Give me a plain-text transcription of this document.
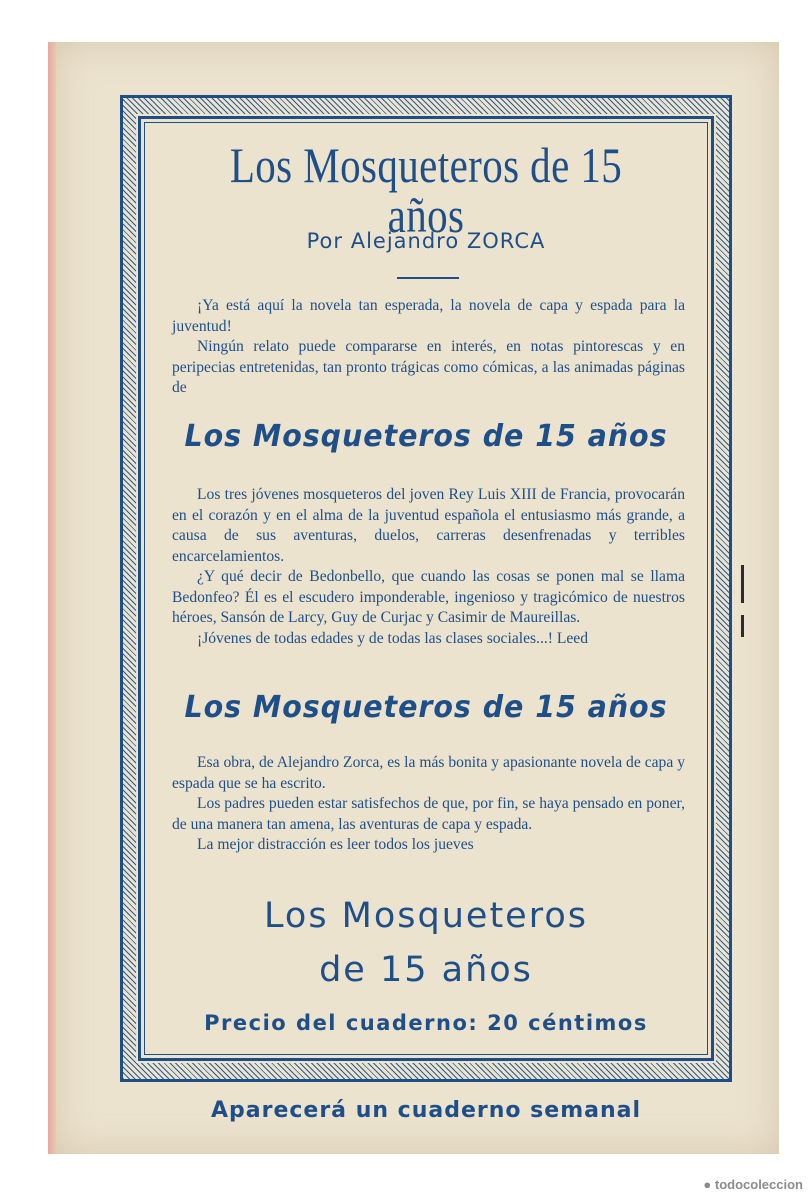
Los Mosqueteros de 15 años
Por Alejandro ZORCA

¡Ya está aquí la novela tan esperada, la novela de capa y espada para la juventud!

Ningún relato puede compararse en interés, en notas pintorescas y en peripecias entretenidas, tan pronto trágicas como cómicas, a las animadas páginas de

Los Mosqueteros de 15 años

Los tres jóvenes mosqueteros del joven Rey Luis XIII de Francia, provocarán en el corazón y en el alma de la juventud española el entusiasmo más grande, a causa de sus aventuras, duelos, carreras desenfrenadas y terribles encarcelamientos.

¿Y qué decir de Bedonbello, que cuando las cosas se ponen mal se llama Bedonfeo? Él es el escudero imponderable, ingenioso y tragicómico de nuestros héroes, Sansón de Larcy, Guy de Curjac y Casimir de Maureillas.

¡Jóvenes de todas edades y de todas las clases sociales...! Leed

Los Mosqueteros de 15 años

Esa obra, de Alejandro Zorca, es la más bonita y apasionante novela de capa y espada que se ha escrito.

Los padres pueden estar satisfechos de que, por fin, se haya pensado en poner, de una manera tan amena, las aventuras de capa y espada.

La mejor distracción es leer todos los jueves

Los Mosqueteros
de 15 años
Precio del cuaderno: 20 céntimos
Aparecerá un cuaderno semanal
● todocoleccion
